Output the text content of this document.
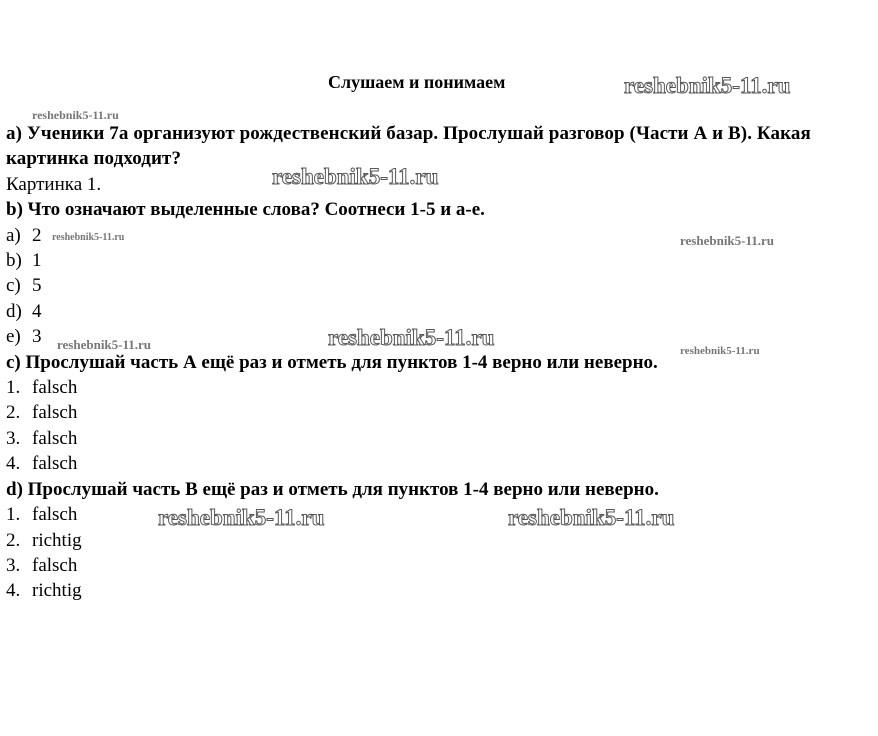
Слушаем и понимаем

a) Ученики 7а организуют рождественский базар. Прослушай разговор (Части А и В). Какая картинка подходит?

Картинка 1.

b) Что означают выделенные слова? Соотнеси 1-5 и а-е.

a) 2
b) 1
c) 5
d) 4
e) 3

c) Прослушай часть А ещё раз и отметь для пунктов 1-4 верно или неверно.

1. falsch
2. falsch
3. falsch
4. falsch

d) Прослушай часть В ещё раз и отметь для пунктов 1-4 верно или неверно.

1. falsch
2. richtig
3. falsch
4. richtig
reshebnik5-11.ru
reshebnik5-11.ru
reshebnik5-11.ru
reshebnik5-11.ru	reshebnik5-11.ru
reshebnik5-11.ru	reshebnik5-11.ru
reshebnik5-11.ru
reshebnik5-11.ru	reshebnik5-11.ru
